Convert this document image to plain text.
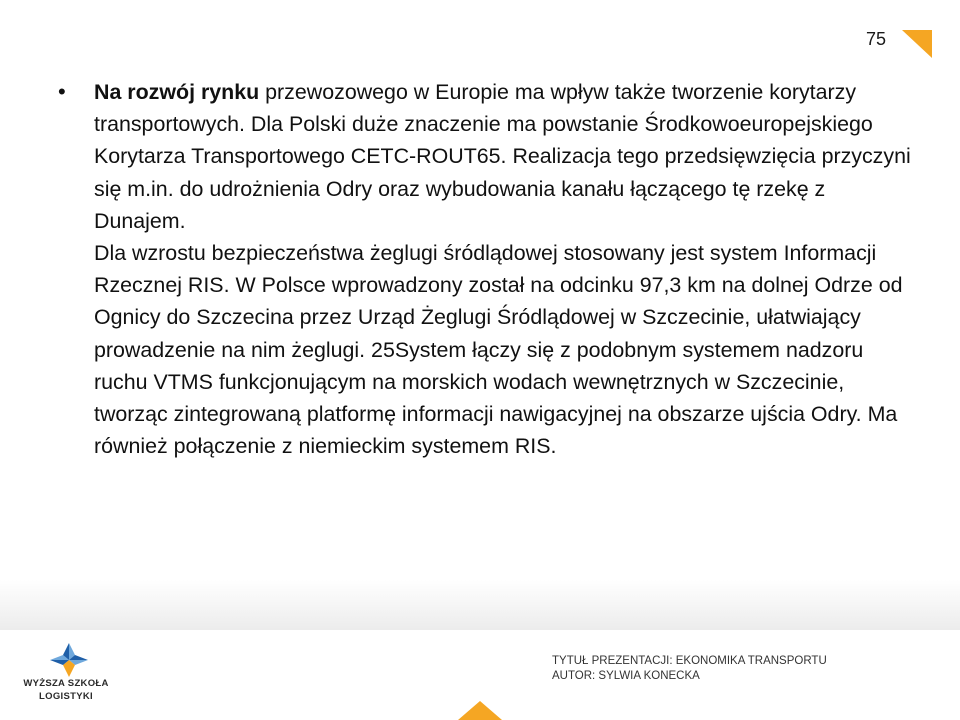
75
•	Na rozwój rynku przewozowego w Europie ma wpływ także tworzenie korytarzy transportowych. Dla Polski duże znaczenie ma powstanie Środkowoeuropejskiego Korytarza Transportowego CETC-ROUT65. Realizacja tego przedsięwzięcia przyczyni się m.in. do udrożnienia Odry oraz wybudowania kanału łączącego tę rzekę z Dunajem.
Dla wzrostu bezpieczeństwa żeglugi śródlądowej stosowany jest system Informacji Rzecznej RIS. W Polsce wprowadzony został na odcinku 97,3 km na dolnej Odrze od Ognicy do Szczecina przez Urząd Żeglugi Śródlądowej w Szczecinie, ułatwiający prowadzenie na nim żeglugi. 25System łączy się z podobnym systemem nadzoru ruchu VTMS funkcjonującym na morskich wodach wewnętrznych w Szczecinie, tworząc zintegrowaną platformę informacji nawigacyjnej na obszarze ujścia Odry. Ma również połączenie z niemieckim systemem RIS.
WYŻSZA SZKOŁA
LOGISTYKI
TYTUŁ PREZENTACJI: EKONOMIKA TRANSPORTU
AUTOR: SYLWIA KONECKA
